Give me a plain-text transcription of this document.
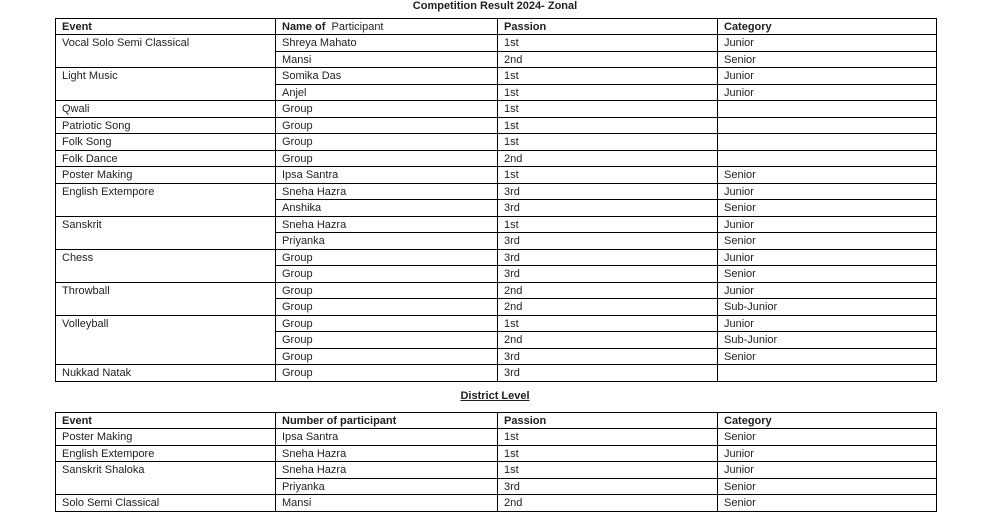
Competition Result 2024- Zonal
Event	Name of  Participant	Passion	Category
Vocal Solo Semi Classical	Shreya Mahato	1st	Junior
	Mansi	2nd	Senior
Light Music	Somika Das	1st	Junior
	Anjel	1st	Junior
Qwali	Group	1st	
Patriotic Song	Group	1st	
Folk Song	Group	1st	
Folk Dance	Group	2nd	
Poster Making	Ipsa Santra	1st	Senior
English Extempore	Sneha Hazra	3rd	Junior
	Anshika	3rd	Senior
Sanskrit	Sneha Hazra	1st	Junior
	Priyanka	3rd	Senior
Chess	Group	3rd	Junior
	Group	3rd	Senior
Throwball	Group	2nd	Junior
	Group	2nd	Sub-Junior
Volleyball	Group	1st	Junior
	Group	2nd	Sub-Junior
	Group	3rd	Senior
Nukkad Natak	Group	3rd	
District Level
Event	Number of participant	Passion	Category
Poster Making	Ipsa Santra	1st	Senior
English Extempore	Sneha Hazra	1st	Junior
Sanskrit Shaloka	Sneha Hazra	1st	Junior
	Priyanka	3rd	Senior
Solo Semi Classical	Mansi	2nd	Senior
